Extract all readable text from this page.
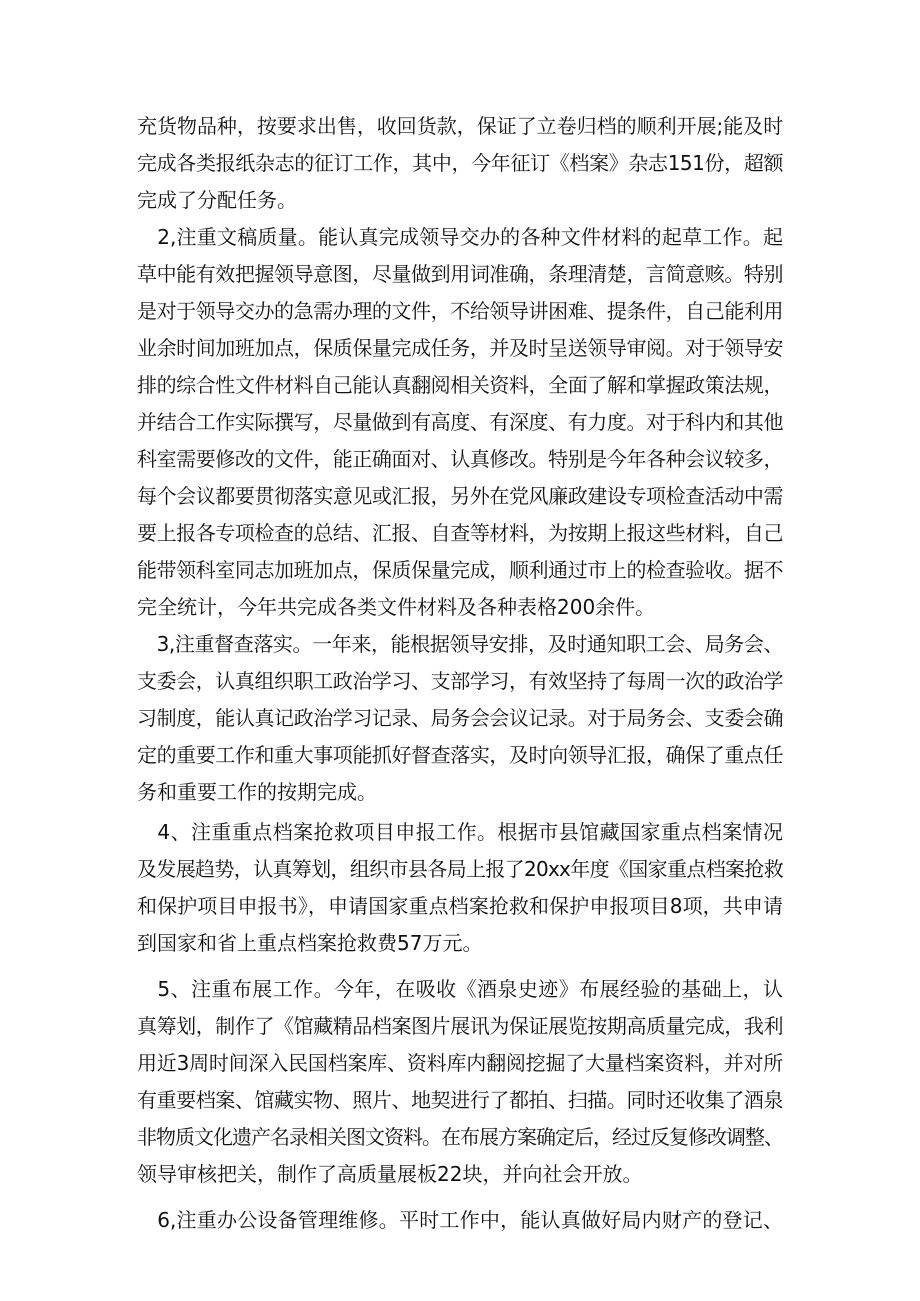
充货物品种，按要求出售，收回货款，保证了立卷归档的顺利开展;能及时
完成各类报纸杂志的征订工作，其中，今年征订《档案》杂志151份，超额
完成了分配任务。
　2,注重文稿质量。能认真完成领导交办的各种文件材料的起草工作。起
草中能有效把握领导意图，尽量做到用词准确，条理清楚，言简意赅。特别
是对于领导交办的急需办理的文件，不给领导讲困难、提条件，自己能利用
业余时间加班加点，保质保量完成任务，并及时呈送领导审阅。对于领导安
排的综合性文件材料自己能认真翻阅相关资料，全面了解和掌握政策法规，
并结合工作实际撰写，尽量做到有高度、有深度、有力度。对于科内和其他
科室需要修改的文件，能正确面对、认真修改。特别是今年各种会议较多，
每个会议都要贯彻落实意见或汇报，另外在党风廉政建设专项检查活动中需
要上报各专项检查的总结、汇报、自查等材料，为按期上报这些材料，自己
能带领科室同志加班加点，保质保量完成，顺利通过市上的检查验收。据不
完全统计，今年共完成各类文件材料及各种表格200余件。
　3,注重督查落实。一年来，能根据领导安排，及时通知职工会、局务会、
支委会，认真组织职工政治学习、支部学习，有效坚持了每周一次的政治学
习制度，能认真记政治学习记录、局务会会议记录。对于局务会、支委会确
定的重要工作和重大事项能抓好督查落实，及时向领导汇报，确保了重点任
务和重要工作的按期完成。
　4、注重重点档案抢救项目申报工作。根据市县馆藏国家重点档案情况
及发展趋势，认真筹划，组织市县各局上报了20xx年度《国家重点档案抢救
和保护项目申报书》，申请国家重点档案抢救和保护申报项目8项，共申请
到国家和省上重点档案抢救费57万元。
　5、注重布展工作。今年，在吸收《酒泉史迹》布展经验的基础上，认
真筹划，制作了《馆藏精品档案图片展讯为保证展览按期高质量完成，我利
用近3周时间深入民国档案库、资料库内翻阅挖掘了大量档案资料，并对所
有重要档案、馆藏实物、照片、地契进行了都拍、扫描。同时还收集了酒泉
非物质文化遗产名录相关图文资料。在布展方案确定后，经过反复修改调整、
领导审核把关，制作了高质量展板22块，并向社会开放。
　6,注重办公设备管理维修。平时工作中，能认真做好局内财产的登记、
